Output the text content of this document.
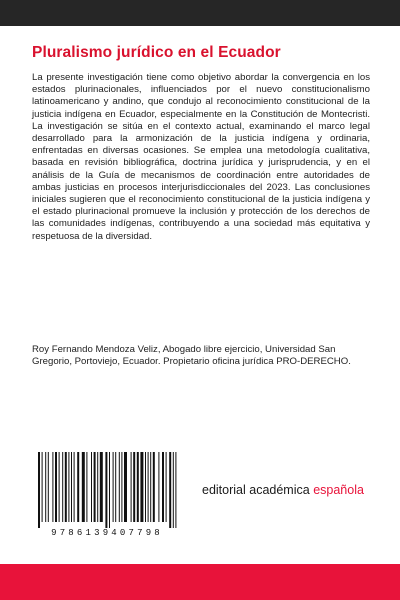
Pluralismo jurídico en el Ecuador

La presente investigación tiene como objetivo abordar la convergencia en los estados plurinacionales, influenciados por el nuevo constitucionalismo latinoamericano y andino, que condujo al reconocimiento constitucional de la justicia indígena en Ecuador, especialmente en la Constitución de Montecristi. La investigación se sitúa en el contexto actual, examinando el marco legal desarrollado para la armonización de la justicia indígena y ordinaria, enfrentadas en diversas ocasiones. Se emplea una metodología cualitativa, basada en revisión bibliográfica, doctrina jurídica y jurisprudencia, y en el análisis de la Guía de mecanismos de coordinación entre autoridades de ambas justicias en procesos interjurisdiccionales del 2023. Las conclusiones iniciales sugieren que el reconocimiento constitucional de la justicia indígena y el estado plurinacional promueve la inclusión y protección de los derechos de las comunidades indígenas, contribuyendo a una sociedad más equitativa y respetuosa de la diversidad.

Roy Fernando Mendoza Veliz, Abogado libre ejercicio, Universidad San Gregorio, Portoviejo, Ecuador. Propietario oficina jurídica PRO-DERECHO.

9786139407798
editorial académica española
